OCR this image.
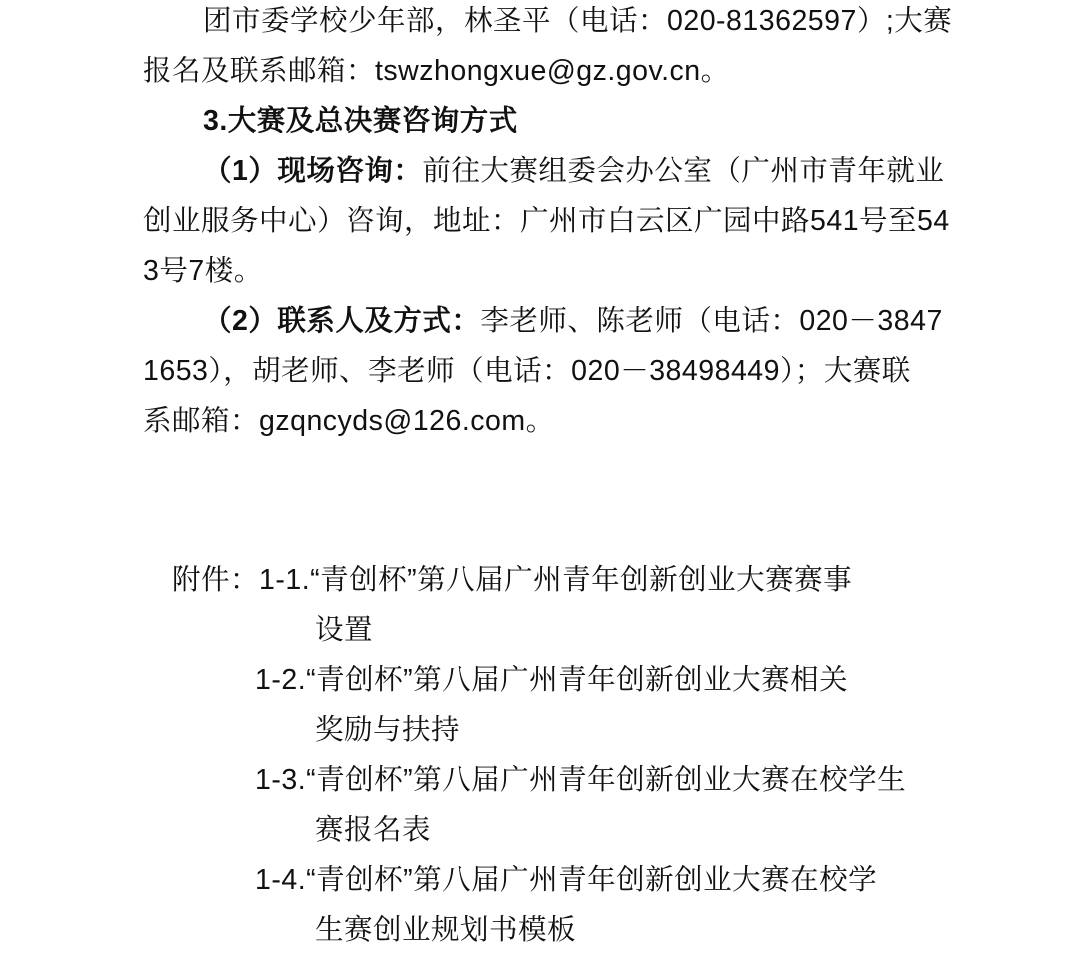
团市委学校少年部，林圣平（电话：020-81362597）;大赛
报名及联系邮箱：tswzhongxue@gz.gov.cn。
3.大赛及总决赛咨询方式
（1）现场咨询：前往大赛组委会办公室（广州市青年就业
创业服务中心）咨询，地址：广州市白云区广园中路541号至54
3号7楼。
（2）联系人及方式：李老师、陈老师（电话：020－3847
1653），胡老师、李老师（电话：020－38498449）；大赛联
系邮箱：gzqncyds@126.com。
附件：1-1.“青创杯”第八届广州青年创新创业大赛赛事
设置
1-2.“青创杯”第八届广州青年创新创业大赛相关
奖励与扶持
1-3.“青创杯”第八届广州青年创新创业大赛在校学生
赛报名表
1-4.“青创杯”第八届广州青年创新创业大赛在校学
生赛创业规划书模板
